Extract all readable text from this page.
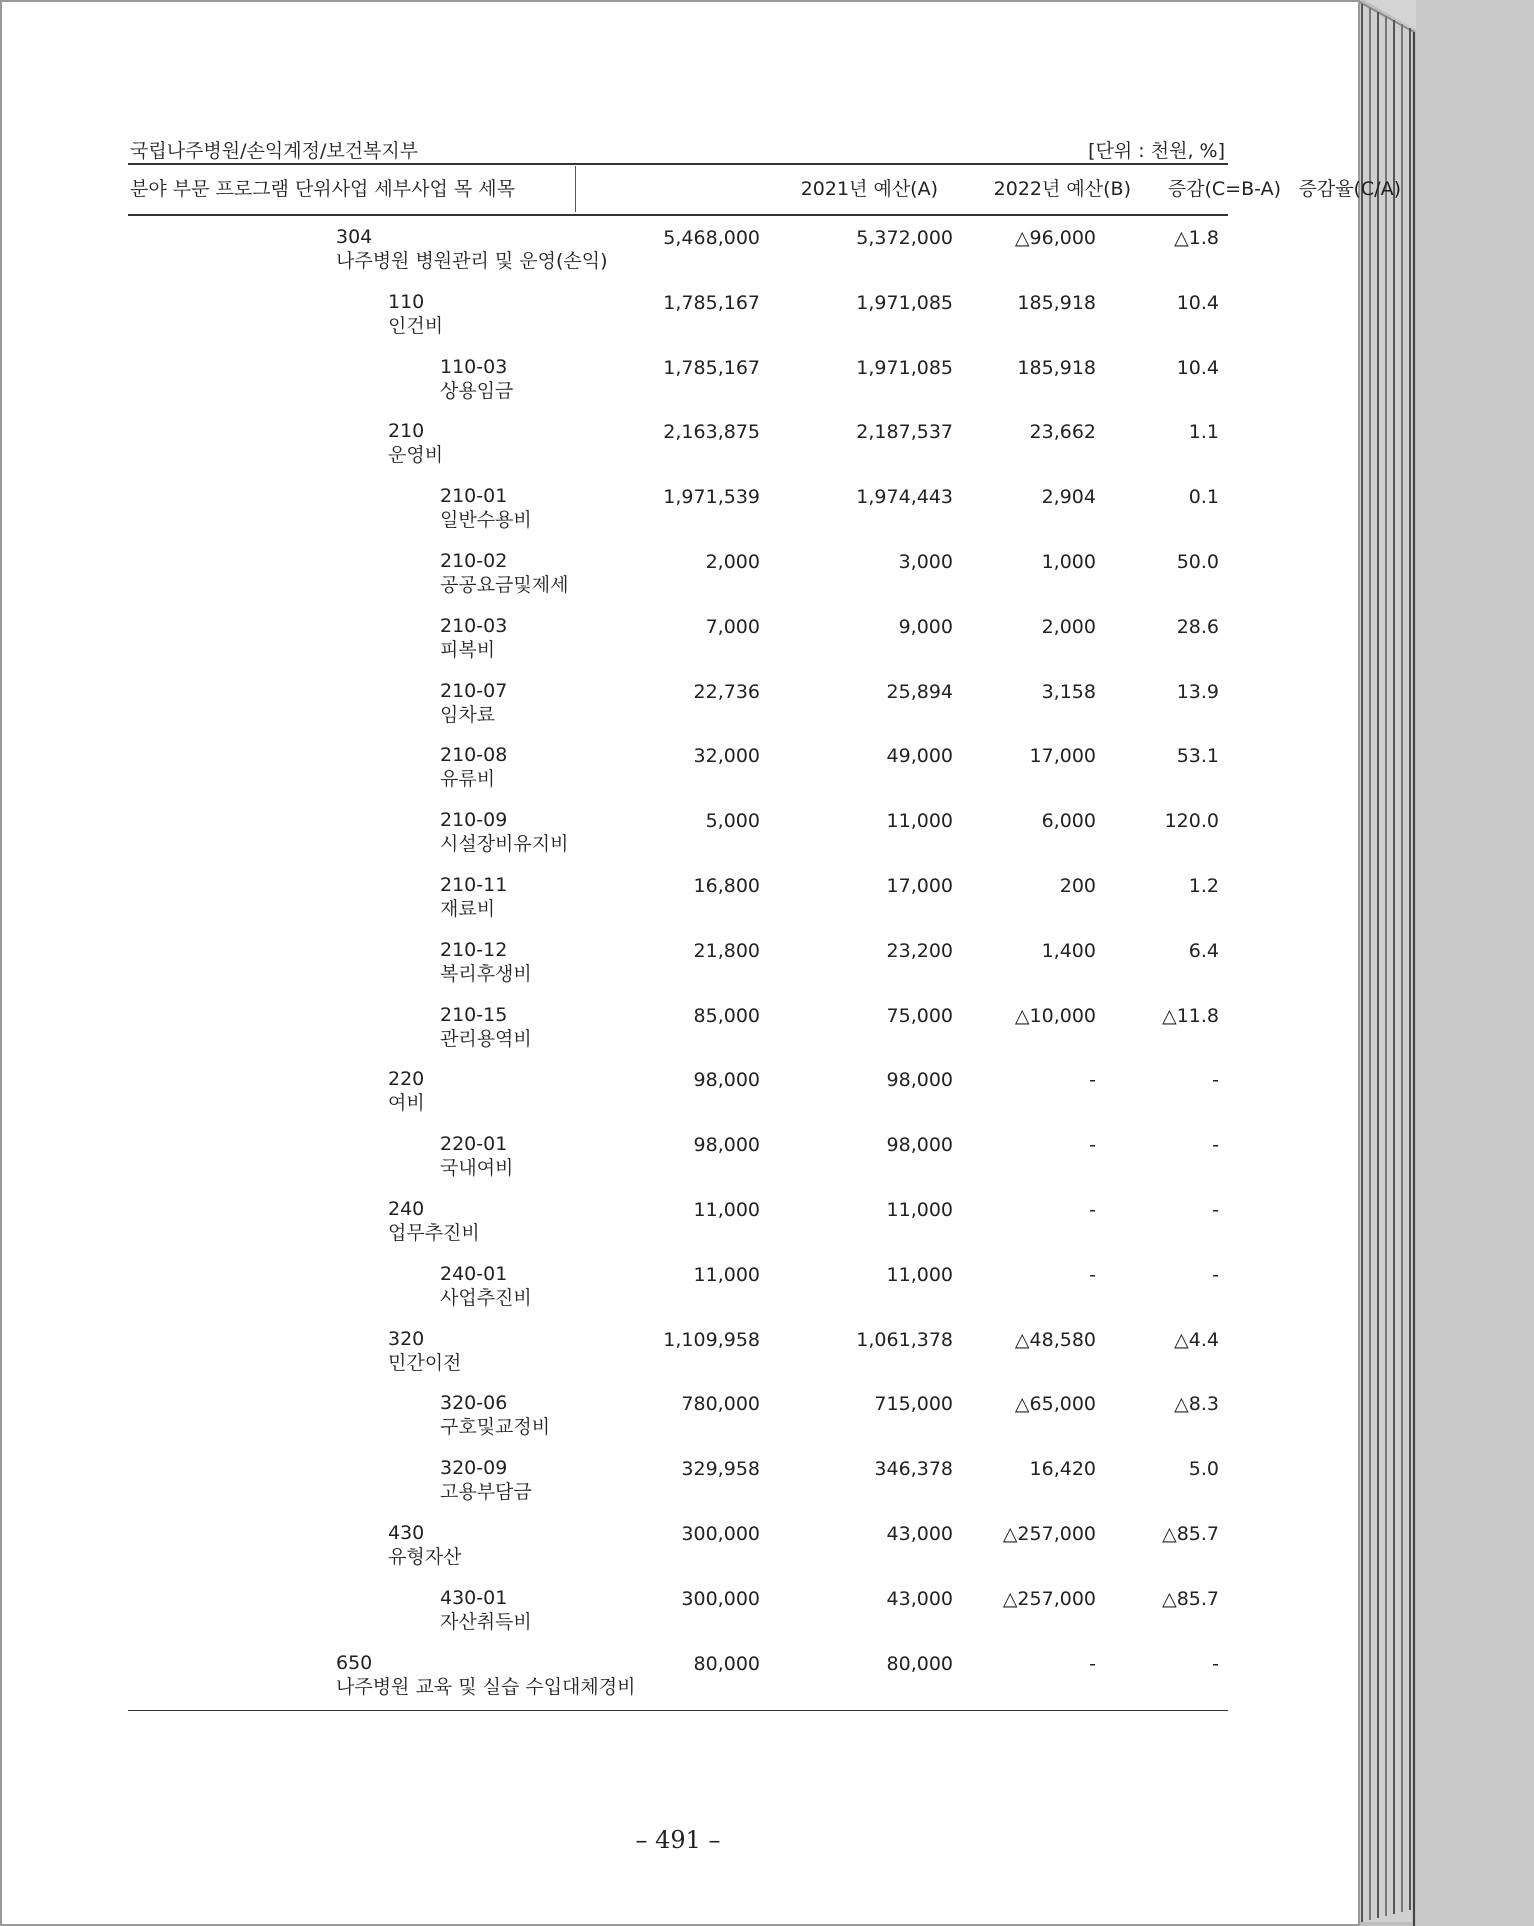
국립나주병원/손익계정/보건복지부	[단위 : 천원, %]
분야 부문 프로그램 단위사업 세부사업 목 세목	2021년 예산(A)	2022년 예산(B) 증감(C=B-A) 증감율(C/A)
304
나주병원 병원관리 및 운영(손익)
5,468,000	5,372,000	△96,000	△1.8
110
인건비
1,785,167	1,971,085	185,918	10.4
110-03
상용임금
1,785,167	1,971,085	185,918	10.4
210
운영비
2,163,875	2,187,537	23,662	1.1
210-01
일반수용비
1,971,539	1,974,443	2,904	0.1
210-02
공공요금및제세
2,000	3,000	1,000	50.0
210-03
피복비
7,000	9,000	2,000	28.6
210-07
임차료
22,736	25,894	3,158	13.9
210-08
유류비
32,000	49,000	17,000	53.1
210-09
시설장비유지비
5,000	11,000	6,000	120.0
210-11
재료비
16,800	17,000	200	1.2
210-12
복리후생비
21,800	23,200	1,400	6.4
210-15
관리용역비
85,000	75,000	△10,000	△11.8
220
여비
98,000	98,000	-	-
220-01
국내여비
98,000	98,000	-	-
240
업무추진비
11,000	11,000	-	-
240-01
사업추진비
11,000	11,000	-	-
320
민간이전
1,109,958	1,061,378	△48,580	△4.4
320-06
구호및교정비
780,000	715,000	△65,000	△8.3
320-09
고용부담금
329,958	346,378	16,420	5.0
430
유형자산
300,000	43,000	△257,000	△85.7
430-01
자산취득비
300,000	43,000	△257,000	△85.7
650
나주병원 교육 및 실습 수입대체경비
80,000	80,000	-	-
– 491 –
